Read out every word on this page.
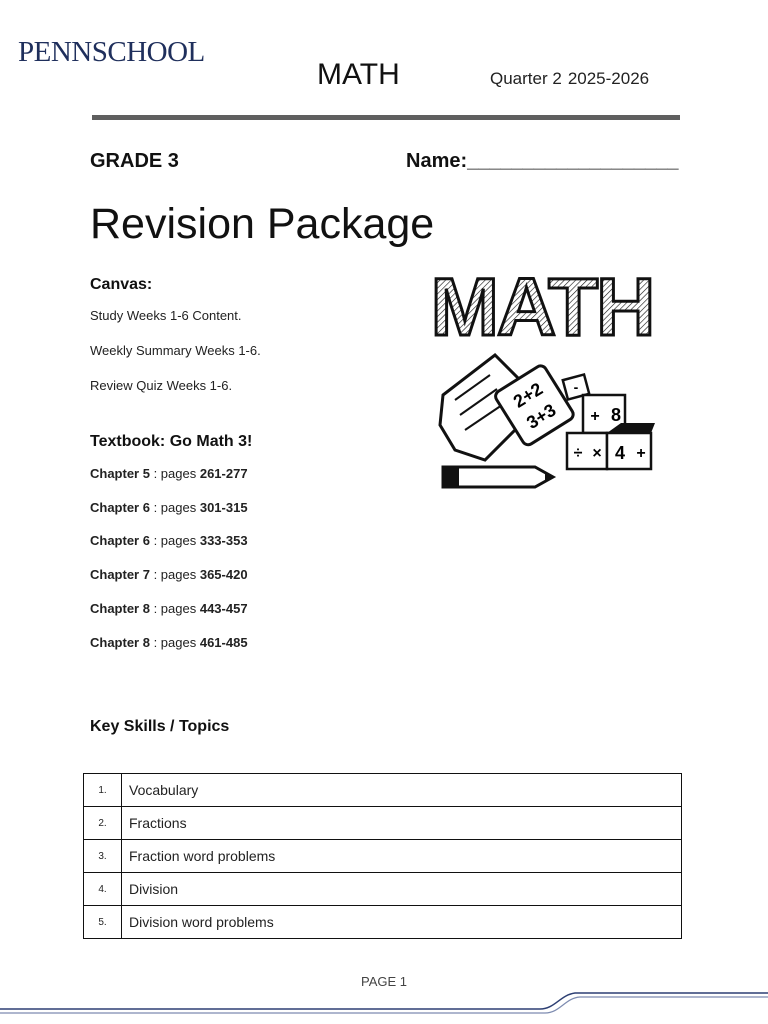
PENNSCHOOL
MATH	Quarter 2 2025-2026
GRADE 3	Name:___________________
Revision Package
Canvas:
Study Weeks 1-6 Content.
Weekly Summary Weeks 1-6.
Review Quiz Weeks 1-6.
Textbook: Go Math 3!
Chapter 5 : pages 261-277
Chapter 6 : pages 301-315
Chapter 6 : pages 333-353
Chapter 7 : pages 365-420
Chapter 8 : pages 443-457
Chapter 8 : pages 461-485
Key Skills / Topics
1.	Vocabulary
2.	Fractions
3.	Fraction word problems
4.	Division
5.	Division word problems
MATH
2+2
3+3
-
+ 8
÷ × 4 +
PAGE 1
